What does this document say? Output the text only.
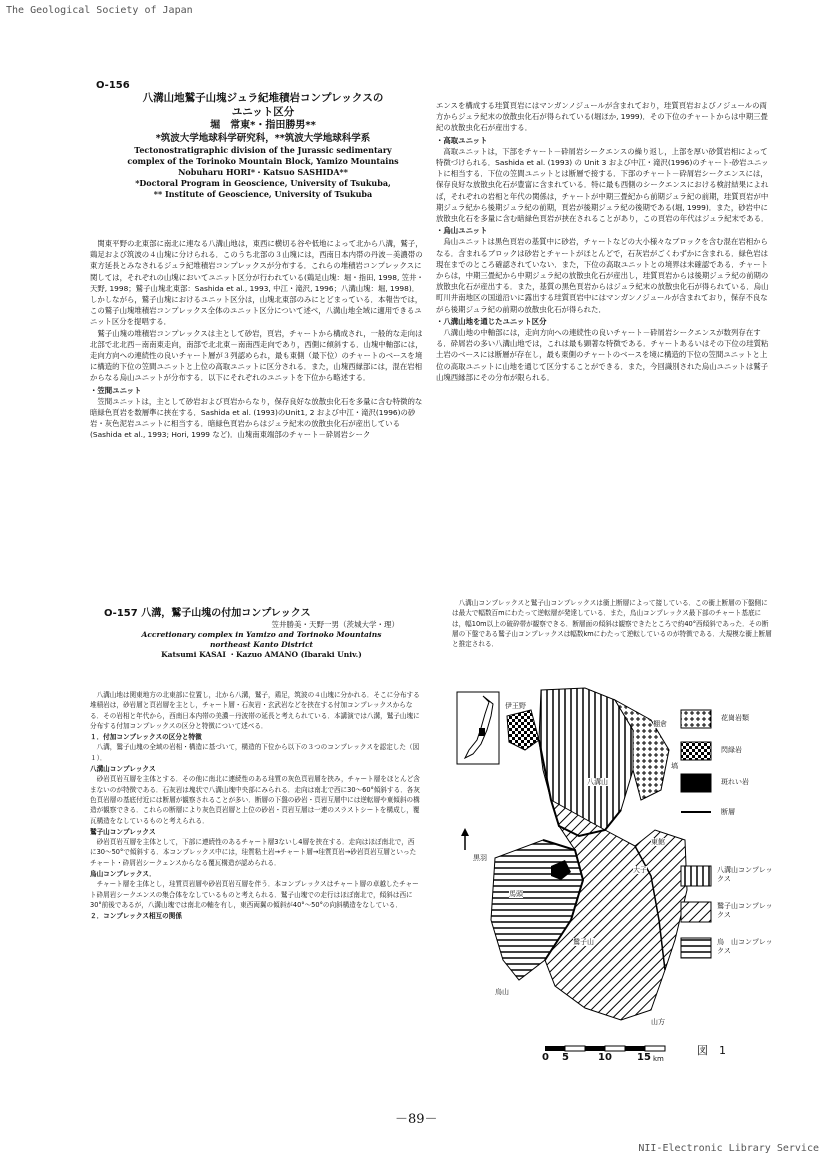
The Geological Society of Japan
O-156
八溝山地鷲子山塊ジュラ紀堆積岩コンプレックスの
ユニット区分
堀　常東*・指田勝男**
*筑波大学地球科学研究科，**筑波大学地球科学系
Tectonostratigraphic division of the Jurassic sedimentary
complex of the Torinoko Mountain Block, Yamizo Mountains
Nobuharu HORI*・Katsuo SASHIDA**
*Doctoral Program in Geoscience, University of Tsukuba,
** Institute of Geoscience, University of Tsukuba

関東平野の北東部に南北に連なる八溝山地は，東西に横切る谷や低地によって北から八溝，鷲子，鶏足および筑波の４山塊に分けられる．このうち北部の３山塊には，西南日本内帯の丹波－美濃帯の東方延長とみなされるジュラ紀堆積岩コンプレックスが分布する．これらの堆積岩コンプレックスに関しては，それぞれの山塊においてユニット区分が行われている(鶏足山塊：堀・指田, 1998, 笠井・天野, 1998；鷲子山塊北東部：Sashida et al., 1993, 中江・滝沢, 1996；八溝山塊：堀, 1998)．しかしながら，鷲子山塊におけるユニット区分は，山塊北東部のみにとどまっている．本報告では，この鷲子山塊堆積岩コンプレックス全体のユニット区分について述べ，八溝山地全域に適用できるユニット区分を提唱する．

鷲子山塊の堆積岩コンプレックスは主として砂岩，頁岩，チャートから構成され，一般的な走向は北部で北北西－南南東走向，南部で北北東－南南西走向であり，西側に傾斜する．山塊中軸部には，走向方向への連続性の良いチャート層が３列認められ，最も東側（最下位）のチャートのベースを境に構造的下位の笠間ユニットと上位の高取ユニットに区分される．また，山塊西縁部には，混在岩相からなる烏山ユニットが分布する．以下にそれぞれのユニットを下位から略述する．

・笠間ユニット

笠間ユニットは，主として砂岩および頁岩からなり，保存良好な放散虫化石を多量に含む特徴的な暗緑色頁岩を数層準に挟在する．Sashida et al. (1993)のUnit1, 2 および中江・滝沢(1996)の砂岩・灰色泥岩ユニットに相当する．暗緑色頁岩からはジュラ紀末の放散虫化石が産出している(Sashida et al., 1993; Hori, 1999 など)．山塊南東端部のチャート－砕屑岩シーク

エンスを構成する珪質頁岩にはマンガンノジュールが含まれており，珪質頁岩およびノジュールの両方からジュラ紀末の放散虫化石が得られている(堀ほか, 1999)．その下位のチャートからは中期三畳紀の放散虫化石が産出する．

・高取ユニット

高取ユニットは，下部をチャート－砕屑岩シークエンスの繰り返し，上部を厚い砂質岩相によって特徴づけられる．Sashida et al. (1993) の Unit 3 および中江・滝沢(1996)のチャート-砂岩ユニットに相当する．下位の笠間ユニットとは断層で接する．下部のチャート－砕屑岩シークエンスには，保存良好な放散虫化石が豊富に含まれている．特に最も西側のシークエンスにおける検討結果によれば，それぞれの岩相と年代の関係は，チャートが中期三畳紀から前期ジュラ紀の前期，珪質頁岩が中期ジュラ紀から後期ジュラ紀の前期，頁岩が後期ジュラ紀の後期である(堀, 1999)．また，砂岩中に放散虫化石を多量に含む暗緑色頁岩が挟在されることがあり，この頁岩の年代はジュラ紀末である．

・烏山ユニット

烏山ユニットは黒色頁岩の基質中に砂岩，チャートなどの大小様々なブロックを含む混在岩相からなる．含まれるブロックは砂岩とチャートがほとんどで，石灰岩がごくわずかに含まれる．緑色岩は現在までのところ確認されていない．また，下位の高取ユニットとの境界は未確認である．チャートからは，中期三畳紀から中期ジュラ紀の放散虫化石が産出し，珪質頁岩からは後期ジュラ紀の前期の放散虫化石が産出する．また，基質の黒色頁岩からはジュラ紀末の放散虫化石が得られている．烏山町川井南地区の国道沿いに露出する珪質頁岩中にはマンガンノジュールが含まれており，保存不良ながら後期ジュラ紀の前期の放散虫化石が得られた．

・八溝山地を通じたユニット区分

八溝山地の中軸部には，走向方向への連続性の良いチャート－砕屑岩シークエンスが数列存在する．砕屑岩の多い八溝山地では，これは最も顕著な特徴である．チャートあるいはその下位の珪質粘土岩のベースには断層が存在し，最も東側のチャートのベースを境に構造的下位の笠間ユニットと上位の高取ユニットに山地を通じて区分することができる．また，今回識別された烏山ユニットは鷲子山塊西縁部にその分布が限られる．

O-157 八溝，鷲子山塊の付加コンプレックス
笠井勝美・天野一男（茨城大学・理）
Accretionary complex in Yamizo and Torinoko Mountains
northeast Kanto District
Katsumi KASAI ・Kazuo AMANO (Ibaraki Univ.)

八溝山地は関東地方の北東部に位置し，北から八溝，鷲子，鶏足，筑波の４山塊に分かれる．そこに分布する堆積岩は，砂岩層と頁岩層を主とし，チャート層・石灰岩・玄武岩などを挟在する付加コンプレックスからなる．その岩相と年代から，西南日本内帯の美濃－丹波帯の延長と考えられている．本講演では八溝，鷲子山塊に分布する付加コンプレックスの区分と特徴について述べる．

１．付加コンプレックスの区分と特徴

八溝，鷲子山塊の全域の岩相・構造に基づいて，構造的下位から以下の３つのコンプレックスを認定した（図１）．

八溝山コンプレックス

砂岩頁岩互層を主体とする．その他に南北に連続性のある珪質の灰色頁岩層を挟み，チャート層をほとんど含まないのが特徴である．石灰岩は塊状で八溝山塊中央部にみられる．走向は南北で西に30～60°傾斜する．各灰色頁岩層の基底付近には断層が観察されることが多い．断層の下盤の砂岩・頁岩互層中には逆転層や東傾斜の構造が観察できる．これらの断層により灰色頁岩層と上位の砂岩・頁岩互層は一連のスラストシートを構成し，覆瓦構造をなしているものと考えられる．

鷲子山コンプレックス

砂岩頁岩互層を主体として，下部に連続性のあるチャート層3ないし4層を挟在する．走向はほぼ南北で，西に30～50°で傾斜する．本コンプレックス中には，珪質粘土岩→チャート層→珪質頁岩→砂岩頁岩互層といったチャート・砕屑岩シークェンスからなる覆瓦構造が認められる．

烏山コンプレックス．

チャート層を主体とし，珪質頁岩層や砂岩頁岩互層を伴う．本コンプレックスはチャート層の卓越したチャート砕屑岩シークエンスの集合体をなしているものと考えられる．鷲子山塊での走行はほぼ南北で，傾斜は西に30°前後であるが，八溝山塊では南北の軸を有し，東西両翼の傾斜が40°～50°の向斜構造をなしている．

２．コンプレックス相互の関係

八溝山コンプレックスと鷲子山コンプレックスは衝上断層によって接している．この衝上断層の下盤側には最大で幅数百mにわたって逆転層が発達している．また，烏山コンプレックス最下部のチャート基底には，幅10m以上の破砕帯が観察できる．断層面の傾斜は観察できたところで約40°西傾斜であった．その断層の下盤である鷲子山コンプレックスは幅数kmにわたって逆転しているのが特徴である．大規模な衝上断層と推定される．

花崗岩類
閃緑岩
斑れい岩
断層
八溝山コンプレックス
鷲子山コンプレックス
烏　山コンプレックス
伊王野
八溝山
棚倉
塙
黒羽
東館
大子
馬頭
鷲子山
烏山
山方
0 5	10	15 km
図　1
－89－
NII-Electronic Library Service
